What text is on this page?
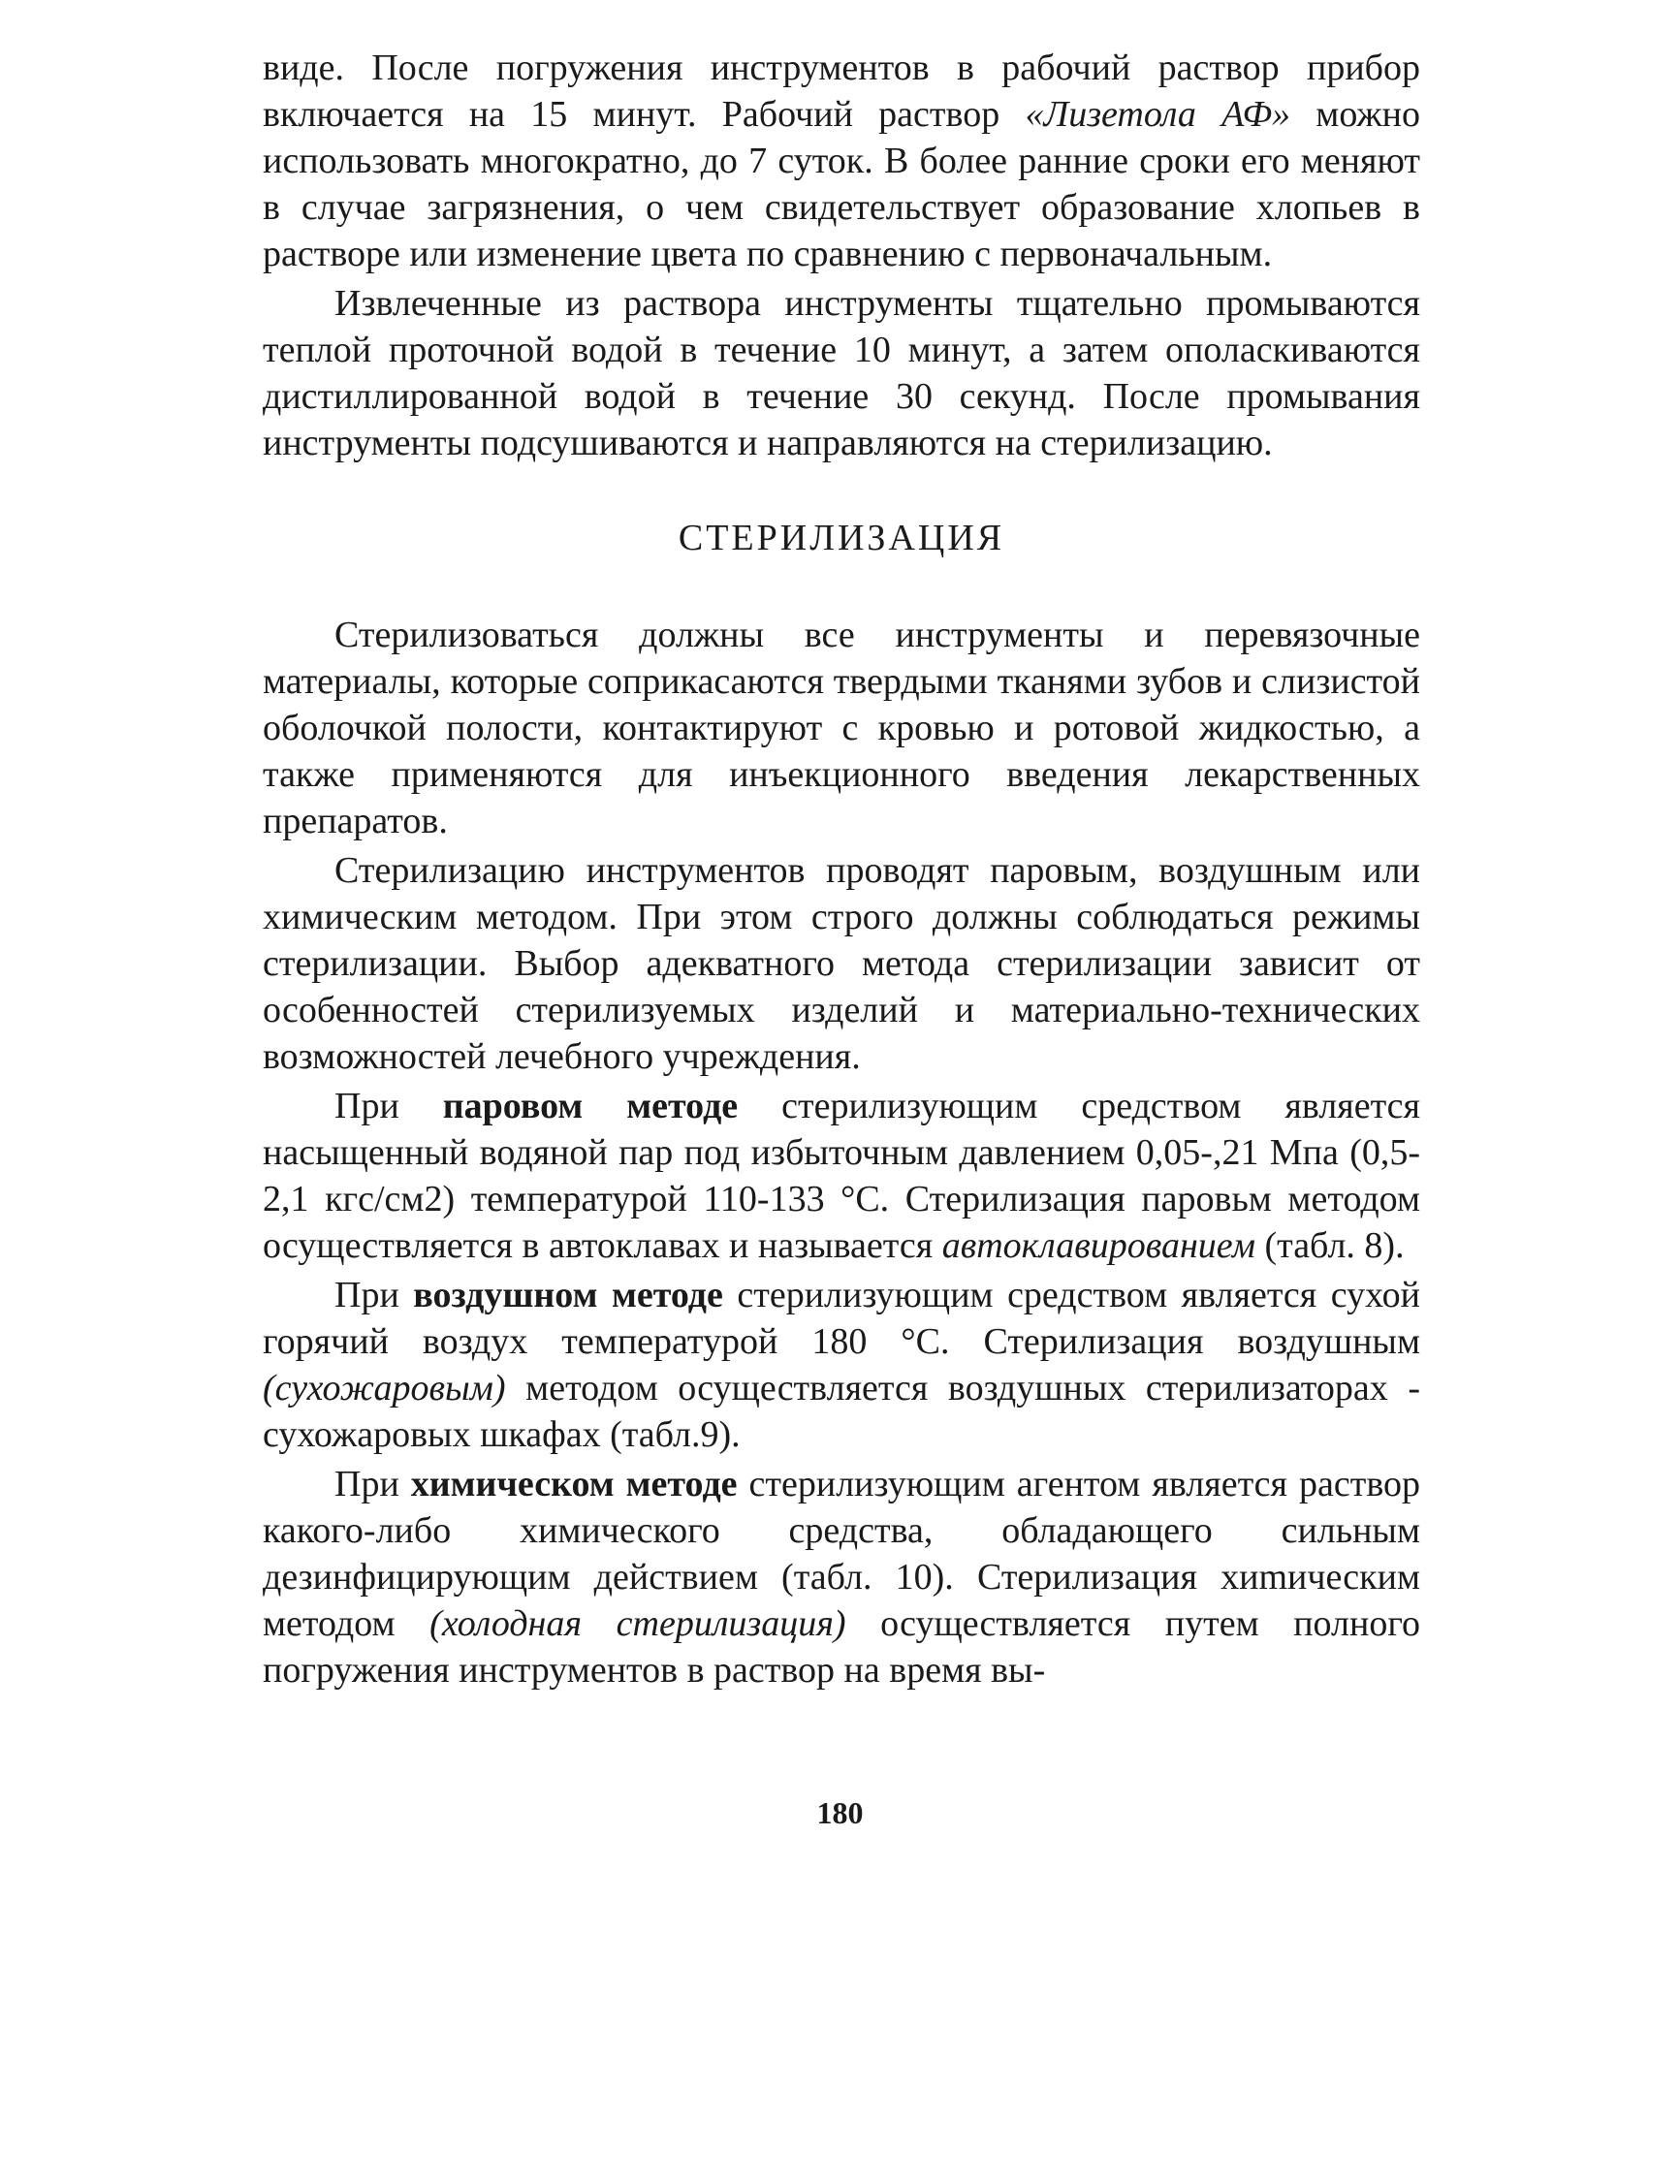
виде. После погружения инструментов в рабочий раствор прибор включается на 15 минут. Рабочий раствор «Лизетола АФ» можно использовать многократно, до 7 суток. В более ранние сроки его меняют в случае загрязнения, о чем свидетельствует образование хлопьев в растворе или изменение цвета по сравнению с первоначальным.

Извлеченные из раствора инструменты тщательно промываются теплой проточной водой в течение 10 минут, а затем ополаскиваются дистиллированной водой в течение 30 секунд. После промывания инструменты подсушиваются и направляются на стерилизацию.

СТЕРИЛИЗАЦИЯ

Стерилизоваться должны все инструменты и перевязочные материалы, которые соприкасаются твердыми тканями зубов и слизистой оболочкой полости, контактируют с кровью и ротовой жидкостью, а также применяются для инъекционного введения лекарственных препаратов.

Стерилизацию инструментов проводят паровым, воздушным или химическим методом. При этом строго должны соблюдаться режимы стерилизации. Выбор адекватного метода стерилизации зависит от особенностей стерилизуемых изделий и материально-технических возможностей лечебного учреждения.

При паровом методе стерилизующим средством является насыщенный водяной пар под избыточным давлением 0,05-,21 Мпа (0,5-2,1 кгс/см2) температурой 110-133 °С. Стерилизация паровьм методом осуществляется в автоклавах и называется автоклавированием (табл. 8).

При воздушном методе стерилизующим средством является сухой горячий воздух температурой 180 °С. Стерилизация воздушным (сухожаровым) методом осуществляется воздушных стерилизаторах - сухожаровых шкафах (табл.9).

При химическом методе стерилизующим агентом является раствор какого-либо химического средства, обладающего сильным дезинфицирующим действием (табл. 10). Стерилизация хиmическим методом (холодная стерилизация) осуществляется путем полного погружения инструментов в раствор на время вы-

180
